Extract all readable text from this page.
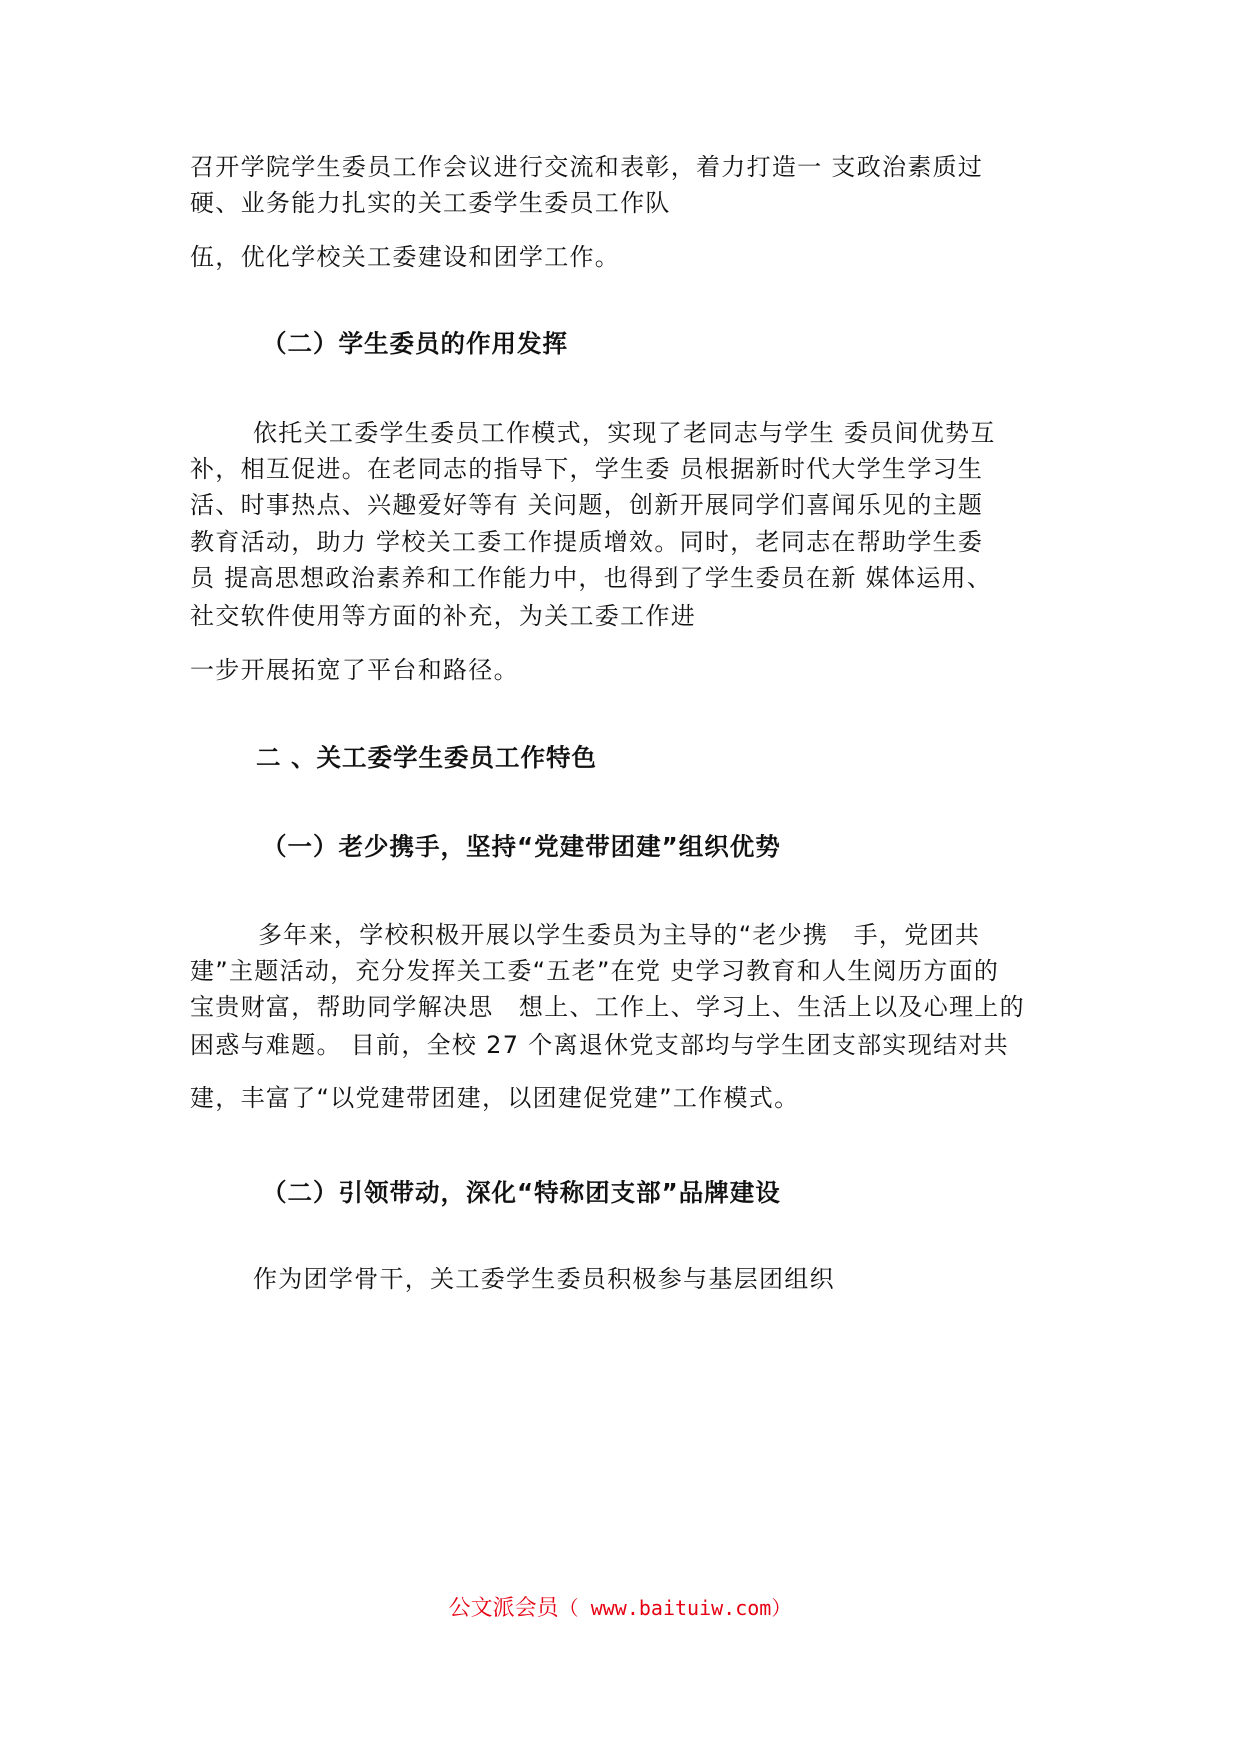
召开学院学生委员工作会议进行交流和表彰，着力打造一 支政治素质过
硬、业务能力扎实的关工委学生委员工作队
伍，优化学校关工委建设和团学工作。
（二）学生委员的作用发挥
依托关工委学生委员工作模式，实现了老同志与学生 委员间优势互
补，相互促进。在老同志的指导下，学生委 员根据新时代大学生学习生
活、时事热点、兴趣爱好等有 关问题，创新开展同学们喜闻乐见的主题
教育活动，助力 学校关工委工作提质增效。同时，老同志在帮助学生委
员 提高思想政治素养和工作能力中，也得到了学生委员在新 媒体运用、
社交软件使用等方面的补充，为关工委工作进
一步开展拓宽了平台和路径。
二 、关工委学生委员工作特色
（一）老少携手，坚持“党建带团建”组织优势
多年来，学校积极开展以学生委员为主导的“老少携　手，党团共
建”主题活动，充分发挥关工委“五老”在党 史学习教育和人生阅历方面的
宝贵财富，帮助同学解决思　想上、工作上、学习上、生活上以及心理上的
困惑与难题。 目前，全校 27 个离退休党支部均与学生团支部实现结对共
建，丰富了“以党建带团建，以团建促党建”工作模式。
（二）引领带动，深化“特称团支部”品牌建设
作为团学骨干，关工委学生委员积极参与基层团组织
公文派会员（ www.baituiw.com）
